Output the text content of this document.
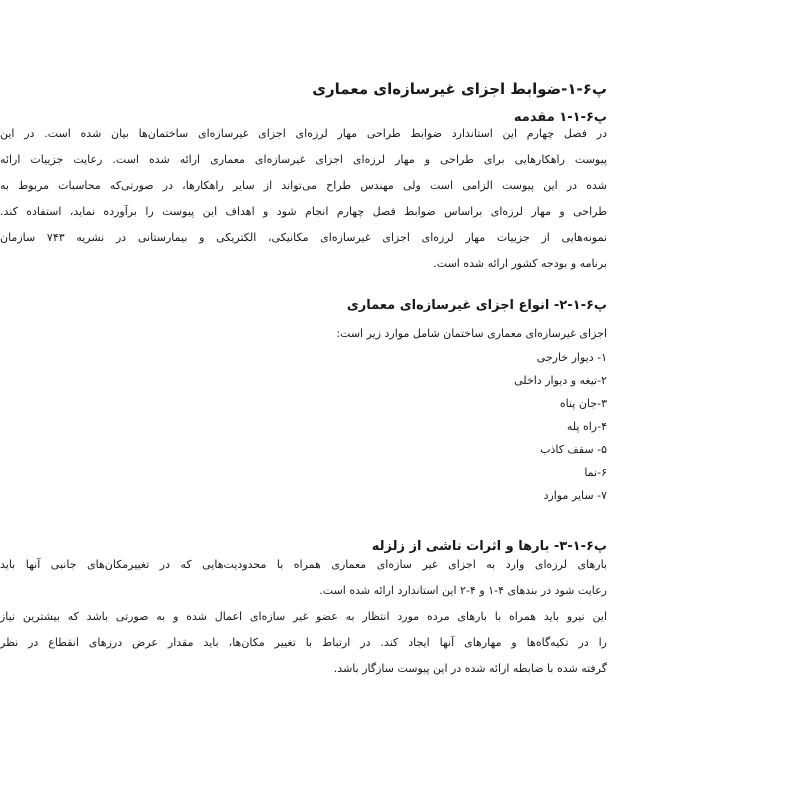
پ۶-۱-ضوابط اجزای غیرسازه‌ای معماری
پ۶-۱-۱ مقدمه
در فصل چهارم این استاندارد ضوابط طراحی مهار لرزه‌ای اجزای غیرسازه‌ای ساختمان‌ها بیان شده است. در این
پیوست راهکارهایی برای طراحی و مهار لرزه‌ای اجزای غیرسازه‌ای معماری ارائه شده است. رعایت جزییات ارائه
شده در این پیوست الزامی است ولی مهندس طراح می‌تواند از سایر راهکارها، در صورتی‌که محاسبات مربوط به
طراحی و مهار لرزه‌ای براساس ضوابط فصل چهارم انجام شود و اهداف این پیوست را برآورده نماید، استفاده کند.
نمونه‌هایی از جزییات مهار لرزه‌ای اجزای غیرسازه‌ای مکانیکی، الکتریکی و بیمارستانی در نشریه ۷۴۳ سازمان
برنامه و بودجه کشور ارائه شده است.
پ۶-۱-۲- انواع اجزای غیرسازه‌ای معماری
اجزای غیرسازه‌ای معماری ساختمان شامل موارد زیر است:
۱- دیوار خارجی
۲-تیغه و دیوار داخلی
۳-جان پناه
۴-راه پله
۵- سقف کاذب
۶-نما
۷- سایر موارد
پ۶-۱-۳- بارها و اثرات ناشی از زلزله
بارهای لرزه‌ای وارد به اجزای غیر سازه‌ای معماری همراه با محدودیت‌هایی که در تغییرمکان‌های جانبی آنها باید
رعایت شود در بندهای ۴-۱ و ۴-۲ این استاندارد ارائه شده است.
این نیرو باید همراه با بارهای مرده مورد انتظار به عضو غیر سازه‌ای اعمال شده و به صورتی باشد که بیشترین نیاز
را در تکیه‌گاه‌ها و مهارهای آنها ایجاد کند. در ارتباط با تغییر مکان‌ها، باید مقدار عرض درزهای انقطاع در نظر
گرفته شده با ضابطه ارائه شده در این پیوست سازگار باشد.
